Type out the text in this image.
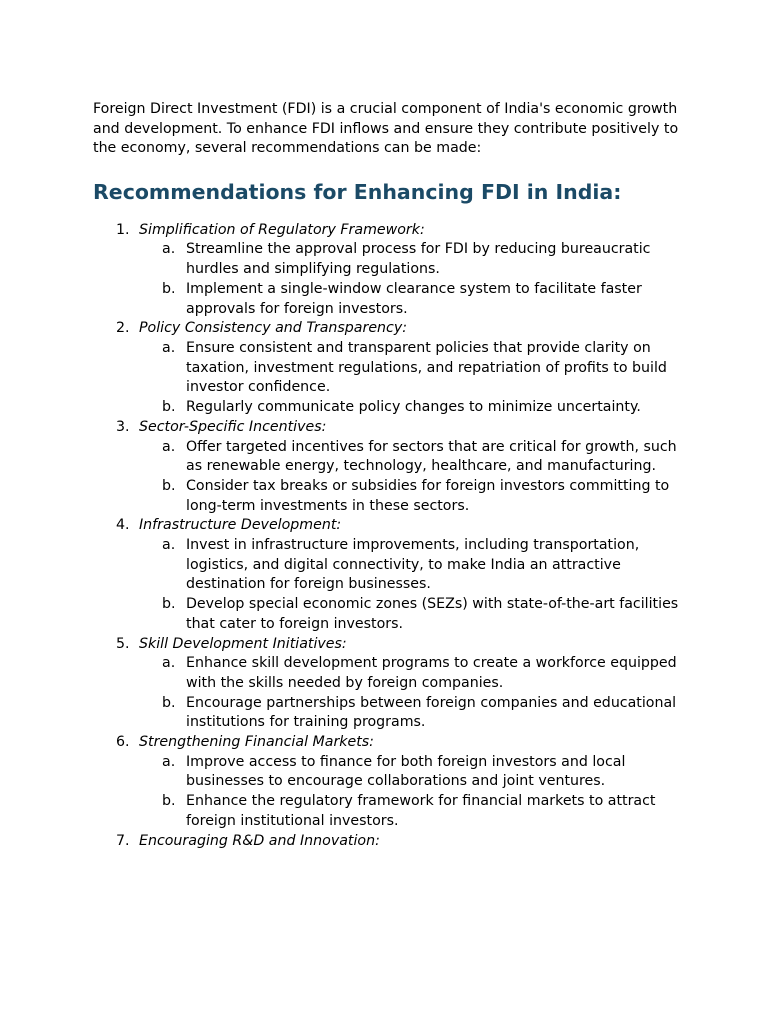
Foreign Direct Investment (FDI) is a crucial component of India's economic growth and development. To enhance FDI inflows and ensure they contribute positively to the economy, several recommendations can be made:

Recommendations for Enhancing FDI in India:
1. Simplification of Regulatory Framework:
a. Streamline the approval process for FDI by reducing bureaucratic hurdles and simplifying regulations.
b. Implement a single-window clearance system to facilitate faster approvals for foreign investors.
2. Policy Consistency and Transparency:
a. Ensure consistent and transparent policies that provide clarity on taxation, investment regulations, and repatriation of profits to build investor confidence.
b. Regularly communicate policy changes to minimize uncertainty.
3. Sector-Specific Incentives:
a. Offer targeted incentives for sectors that are critical for growth, such as renewable energy, technology, healthcare, and manufacturing.
b. Consider tax breaks or subsidies for foreign investors committing to long-term investments in these sectors.
4. Infrastructure Development:
a. Invest in infrastructure improvements, including transportation, logistics, and digital connectivity, to make India an attractive destination for foreign businesses.
b. Develop special economic zones (SEZs) with state-of-the-art facilities that cater to foreign investors.
5. Skill Development Initiatives:
a. Enhance skill development programs to create a workforce equipped with the skills needed by foreign companies.
b. Encourage partnerships between foreign companies and educational institutions for training programs.
6. Strengthening Financial Markets:
a. Improve access to finance for both foreign investors and local businesses to encourage collaborations and joint ventures.
b. Enhance the regulatory framework for financial markets to attract foreign institutional investors.
7. Encouraging R&D and Innovation:
